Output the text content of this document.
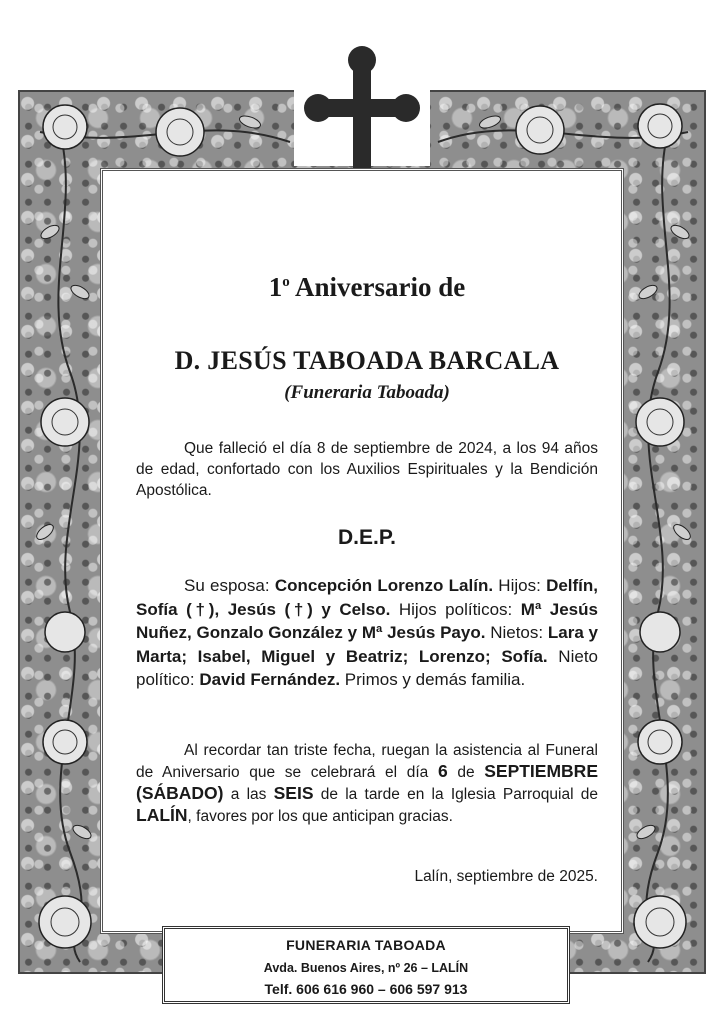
1$^o$ Aniversario de
D. JESÚS TABOADA BARCALA
(Funeraria Taboada)

Que falleció el día 8 de septiembre de 2024, a los 94 años de edad, confortado con los Auxilios Espirituales y la Bendición Apostólica.

D.E.P.

Su esposa: Concepción Lorenzo Lalín. Hijos: Delfín, Sofía (†), Jesús (†) y Celso. Hijos políticos: Mª Jesús Nuñez, Gonzalo González y Mª Jesús Payo. Nietos: Lara y Marta; Isabel, Miguel y Beatriz; Lorenzo; Sofía. Nieto político: David Fernández. Primos y demás familia.

Al recordar tan triste fecha, ruegan la asistencia al Funeral de Aniversario que se celebrará el día 6 de SEPTIEMBRE (SÁBADO) a las SEIS de la tarde en la Iglesia Parroquial de LALÍN, favores por los que anticipan gracias.

Lalín, septiembre de 2025.

FUNERARIA TABOADA
Avda. Buenos Aires, nº 26 – LALÍN
Telf. 606 616 960 – 606 597 913
